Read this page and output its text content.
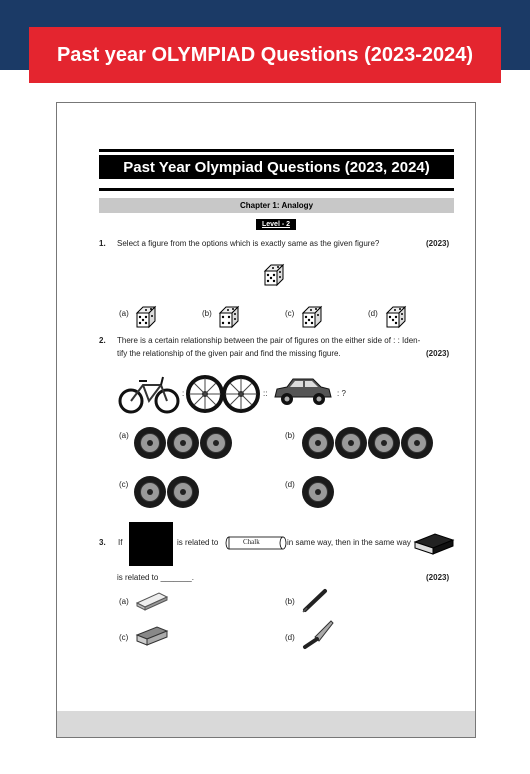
Past year OLYMPIAD Questions (2023-2024)
Past Year Olympiad Questions (2023, 2024)
Chapter 1: Analogy
Level - 2
1. Select a figure from the options which is exactly same as the given figure?	(2023)
(a)	(b)	(c)	(d)
2. There is a certain relationship between the pair of figures on the either side of : : Iden-
tify the relationship of the given pair and find the missing figure.	(2023)
:	::	: ?
(a)	(b)
(c)	(d)
3. If	is related to	Chalk	in same way, then in the same way
is related to _______.	(2023)
(a)	(b)
(c)	(d)
